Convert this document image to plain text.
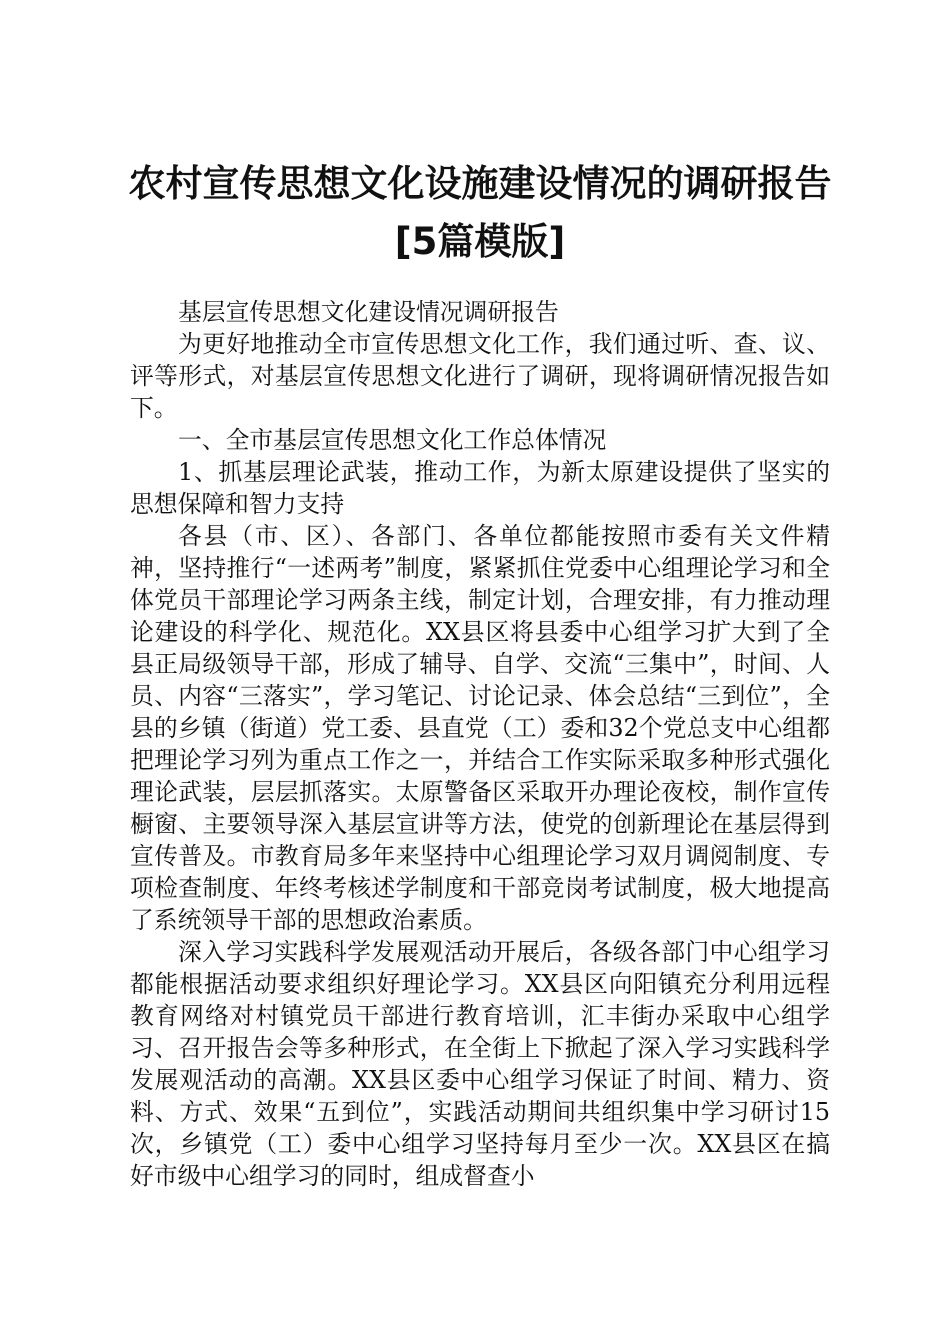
农村宣传思想文化设施建设情况的调研报告[5篇模版]

基层宣传思想文化建设情况调研报告

为更好地推动全市宣传思想文化工作，我们通过听、查、议、评等形式，对基层宣传思想文化进行了调研，现将调研情况报告如下。

一、全市基层宣传思想文化工作总体情况

1、抓基层理论武装，推动工作，为新太原建设提供了坚实的思想保障和智力支持

各县（市、区）、各部门、各单位都能按照市委有关文件精神，坚持推行“一述两考”制度，紧紧抓住党委中心组理论学习和全体党员干部理论学习两条主线，制定计划，合理安排，有力推动理论建设的科学化、规范化。XX县区将县委中心组学习扩大到了全县正局级领导干部，形成了辅导、自学、交流“三集中”，时间、人员、内容“三落实”，学习笔记、讨论记录、体会总结“三到位”，全县的乡镇（街道）党工委、县直党（工）委和32个党总支中心组都把理论学习列为重点工作之一，并结合工作实际采取多种形式强化理论武装，层层抓落实。太原警备区采取开办理论夜校，制作宣传橱窗、主要领导深入基层宣讲等方法，使党的创新理论在基层得到宣传普及。市教育局多年来坚持中心组理论学习双月调阅制度、专项检查制度、年终考核述学制度和干部竞岗考试制度，极大地提高了系统领导干部的思想政治素质。

深入学习实践科学发展观活动开展后，各级各部门中心组学习都能根据活动要求组织好理论学习。XX县区向阳镇充分利用远程教育网络对村镇党员干部进行教育培训，汇丰街办采取中心组学习、召开报告会等多种形式，在全街上下掀起了深入学习实践科学发展观活动的高潮。XX县区委中心组学习保证了时间、精力、资料、方式、效果“五到位”，实践活动期间共组织集中学习研讨15次，乡镇党（工）委中心组学习坚持每月至少一次。XX县区在搞好市级中心组学习的同时，组成督查小
